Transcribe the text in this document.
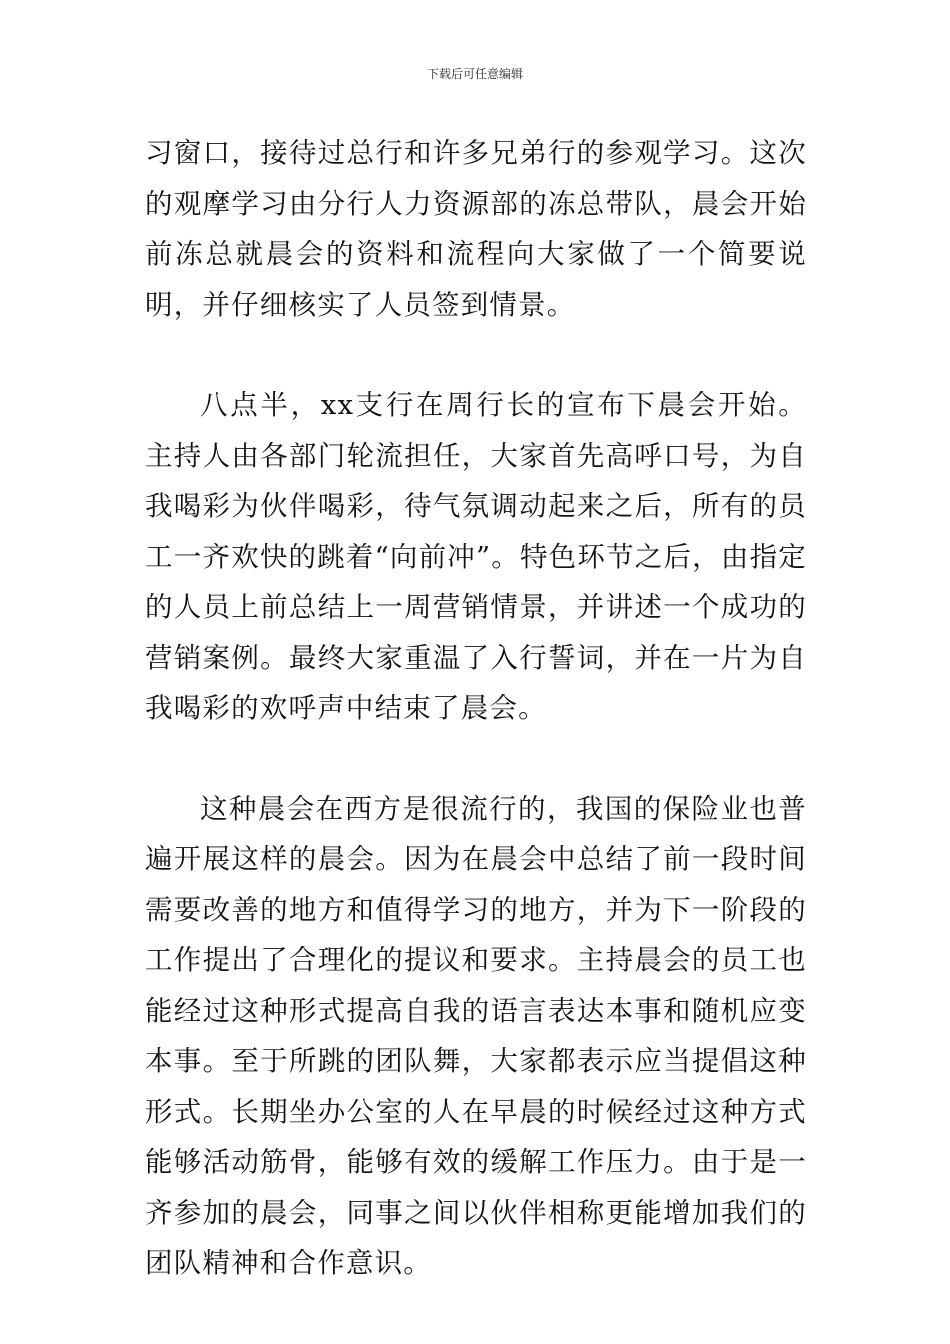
下载后可任意编辑

习窗口，接待过总行和许多兄弟行的参观学习。这次的观摩学习由分行人力资源部的冻总带队，晨会开始前冻总就晨会的资料和流程向大家做了一个简要说明，并仔细核实了人员签到情景。

八点半，xx支行在周行长的宣布下晨会开始。主持人由各部门轮流担任，大家首先高呼口号，为自我喝彩为伙伴喝彩，待气氛调动起来之后，所有的员工一齐欢快的跳着“向前冲”。特色环节之后，由指定的人员上前总结上一周营销情景，并讲述一个成功的营销案例。最终大家重温了入行誓词，并在一片为自我喝彩的欢呼声中结束了晨会。

这种晨会在西方是很流行的，我国的保险业也普遍开展这样的晨会。因为在晨会中总结了前一段时间需要改善的地方和值得学习的地方，并为下一阶段的工作提出了合理化的提议和要求。主持晨会的员工也能经过这种形式提高自我的语言表达本事和随机应变本事。至于所跳的团队舞，大家都表示应当提倡这种形式。长期坐办公室的人在早晨的时候经过这种方式能够活动筋骨，能够有效的缓解工作压力。由于是一齐参加的晨会，同事之间以伙伴相称更能增加我们的团队精神和合作意识。
